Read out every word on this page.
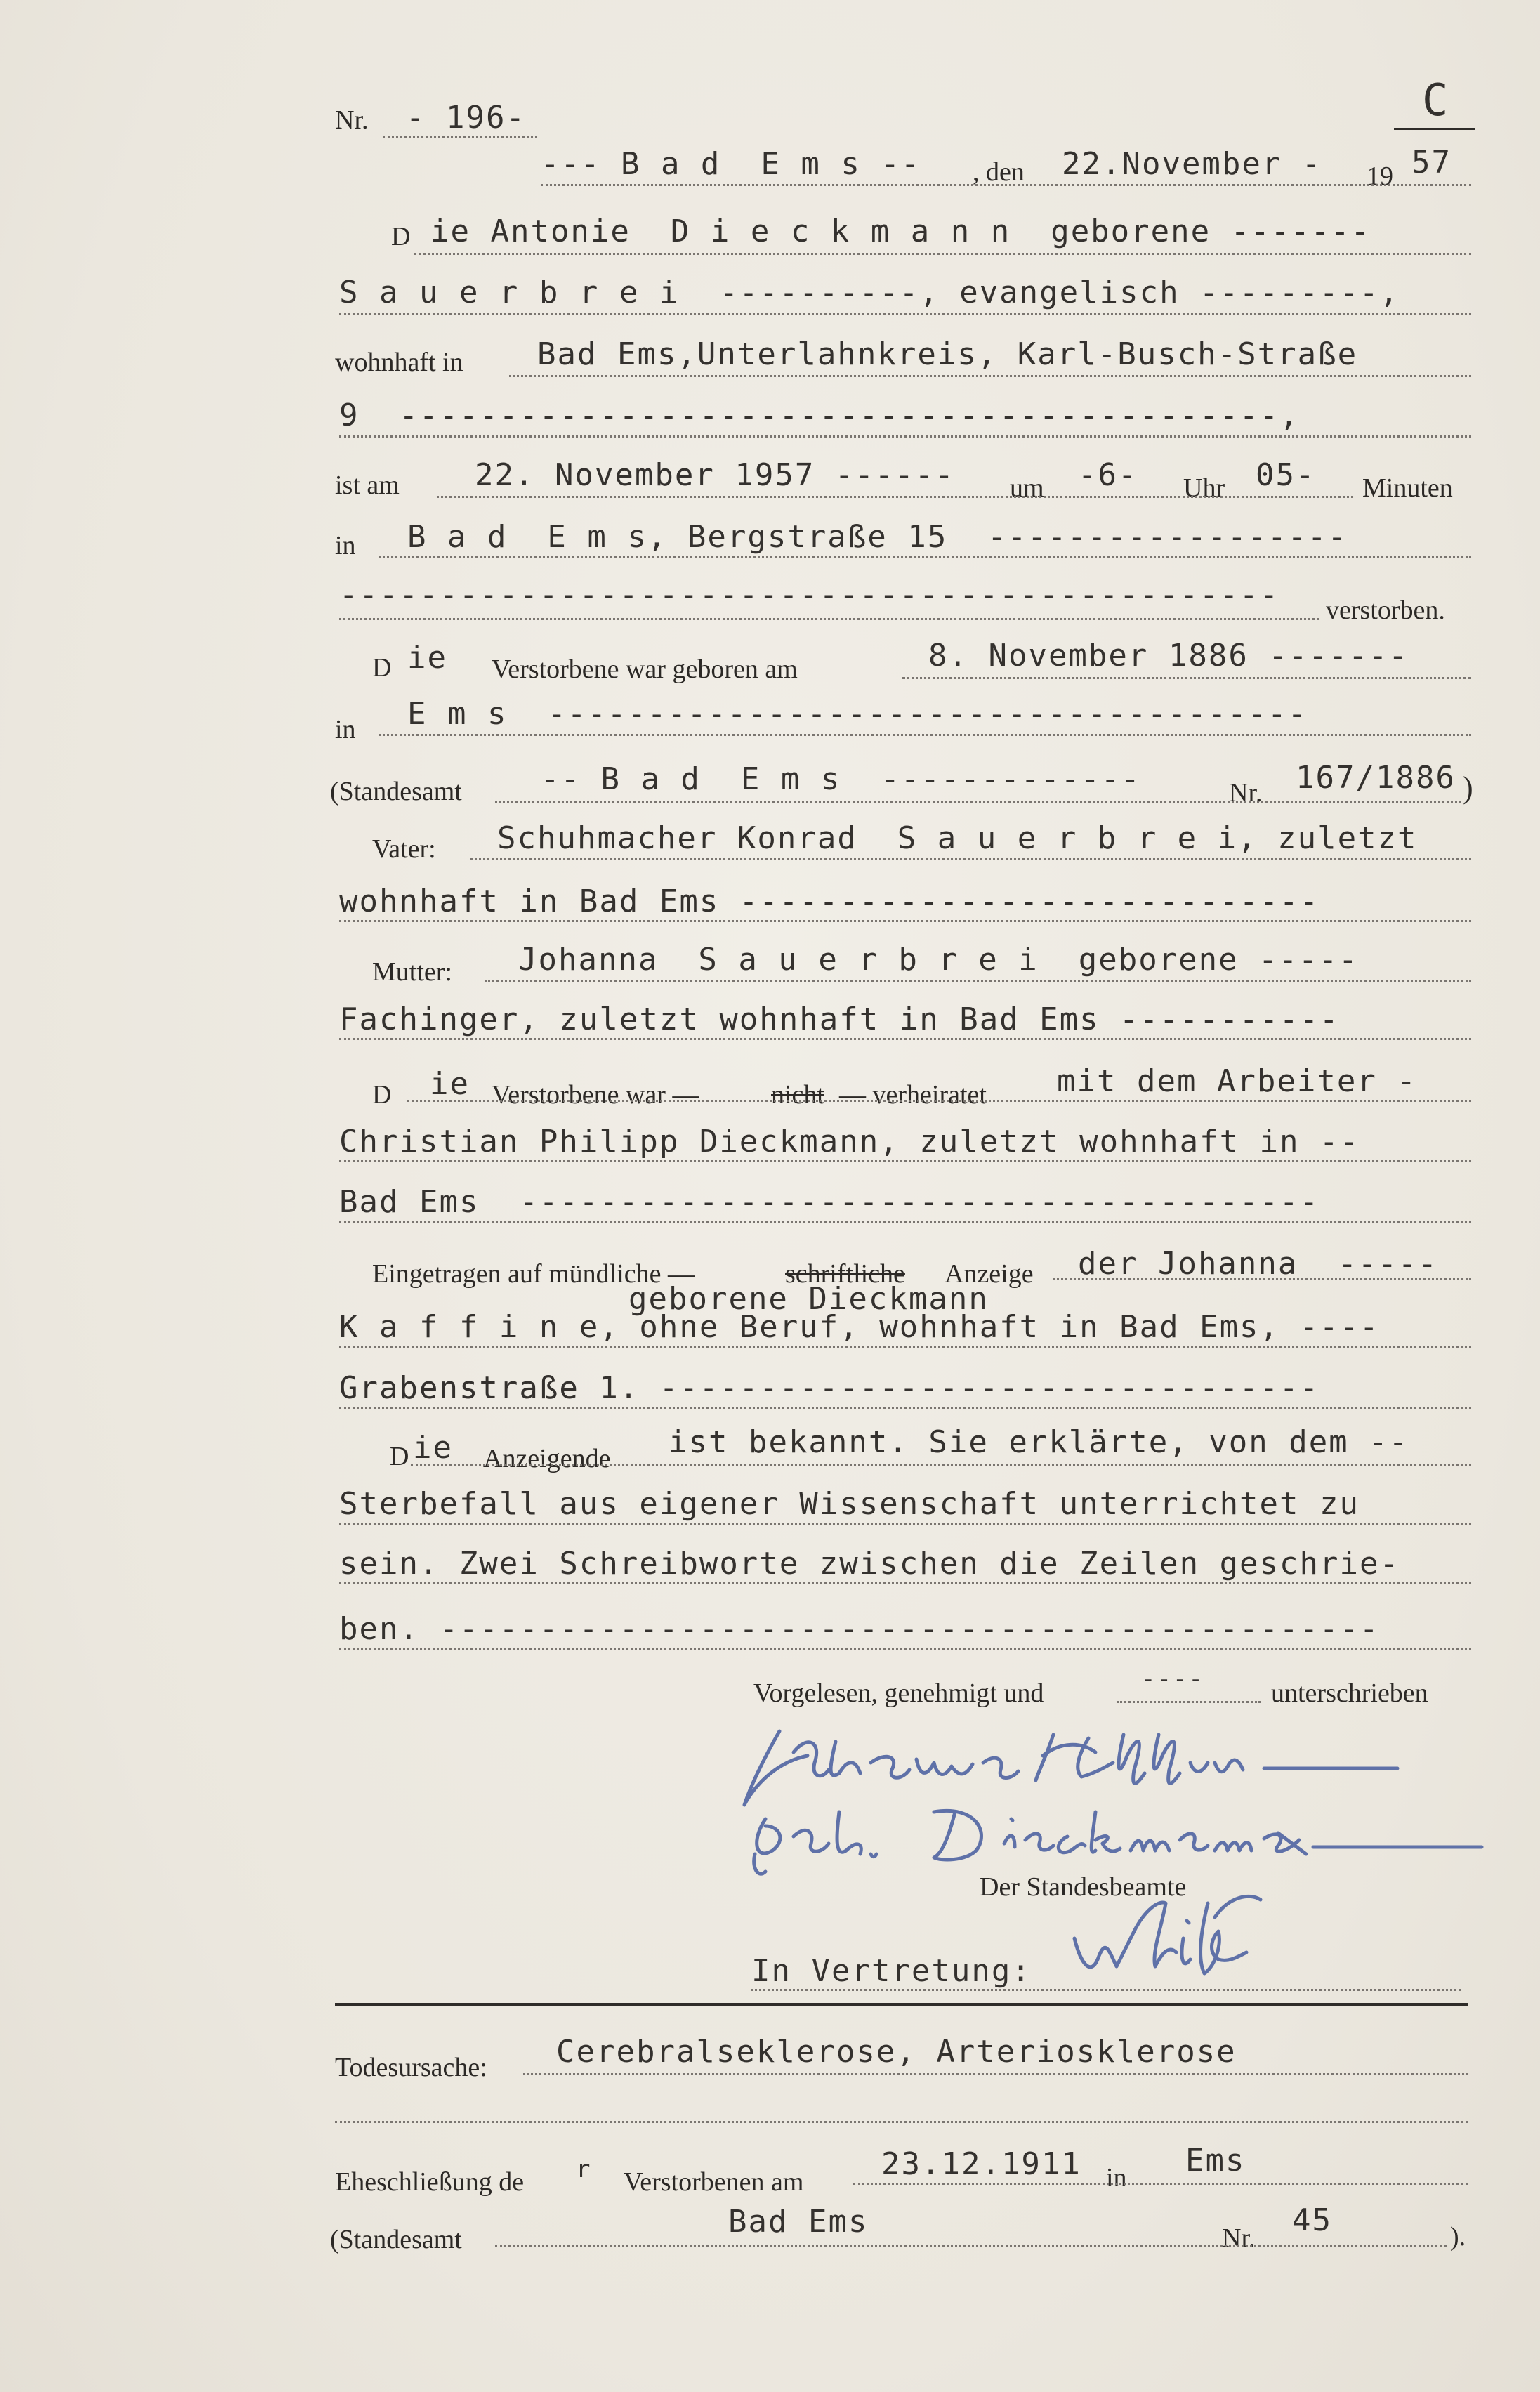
Nr. - 196-	C
--- B a d  E m s -- , den 22.November - 19 57
D ie Antonie  D i e c k m a n n  geborene -------
S a u e r b r e i  ----------, evangelisch ---------,
wohnhaft in Bad Ems,Unterlahnkreis, Karl-Busch-Straße
9  --------------------------------------------,
ist am 22. November 1957 ------ um -6- Uhr 05- Minuten
in B a d  E m s, Bergstraße 15  ------------------
----------------------------------------------- verstorben.
D ie Verstorbene war geboren am	8. November 1886 -------
in E m s  --------------------------------------
(Standesamt	-- B a d  E m s  -------------	Nr. 167/1886 )
Vater: Schuhmacher Konrad  S a u e r b r e i, zuletzt
wohnhaft in Bad Ems -----------------------------
Mutter: Johanna  S a u e r b r e i  geborene -----
Fachinger, zuletzt wohnhaft in Bad Ems -----------
D ie Verstorbene war —	nicht — verheiratet mit dem Arbeiter -
Christian Philipp Dieckmann, zuletzt wohnhaft in --
Bad Ems  ----------------------------------------
Eingetragen auf mündliche —	schriftliche Anzeige der Johanna  -----
geborene Dieckmann
K a f f i n e, ohne Beruf, wohnhaft in Bad Ems, ----
Grabenstraße 1. ---------------------------------
D ie Anzeigende ist bekannt. Sie erklärte, von dem --
Sterbefall aus eigener Wissenschaft unterrichtet zu
sein. Zwei Schreibworte zwischen die Zeilen geschrie-
ben. -----------------------------------------------
Vorgelesen, genehmigt und	----	unterschrieben
Der Standesbeamte
In Vertretung:
Todesursache: Cerebralseklerose, Arteriosklerose
Eheschließung de r Verstorbenen am	23.12.1911 in Ems
(Standesamt	Bad Ems	Nr. 45	).
